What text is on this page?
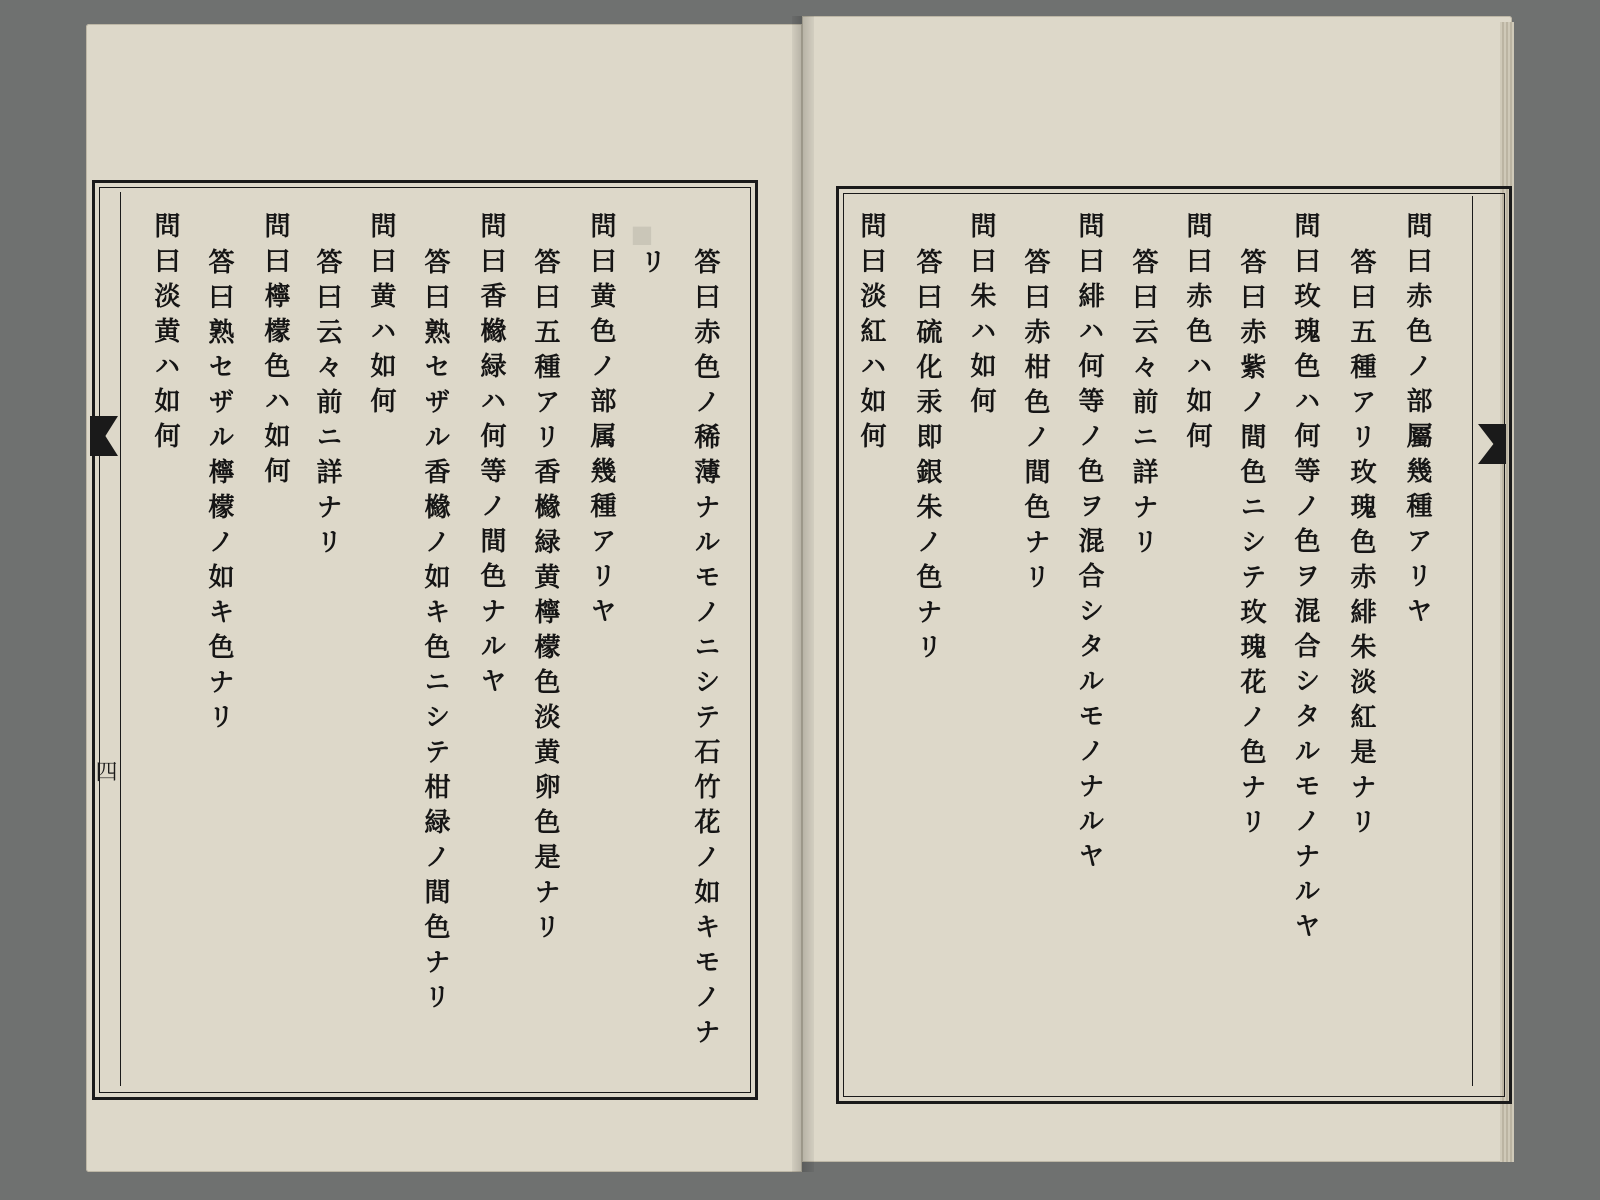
四
■
答曰赤色ノ稀薄ナルモノニシテ石竹花ノ如キモノナ
リ
問曰黄色ノ部属幾種アリヤ
答曰五種アリ香櫞緑黄檸檬色淡黄卵色是ナリ
問曰香櫞緑ハ何等ノ間色ナルヤ
答曰熟セザル香櫞ノ如キ色ニシテ柑緑ノ間色ナリ
問曰黄ハ如何
答曰云々前ニ詳ナリ
問曰檸檬色ハ如何
答曰熟セザル檸檬ノ如キ色ナリ
問曰淡黄ハ如何	問曰赤色ノ部屬幾種アリヤ
答曰五種アリ玫瑰色赤緋朱淡紅是ナリ
問曰玫瑰色ハ何等ノ色ヲ混合シタルモノナルヤ
答曰赤紫ノ間色ニシテ玫瑰花ノ色ナリ
問曰赤色ハ如何
答曰云々前ニ詳ナリ
問曰緋ハ何等ノ色ヲ混合シタルモノナルヤ
答曰赤柑色ノ間色ナリ
問曰朱ハ如何
答曰硫化汞即銀朱ノ色ナリ
問曰淡紅ハ如何
